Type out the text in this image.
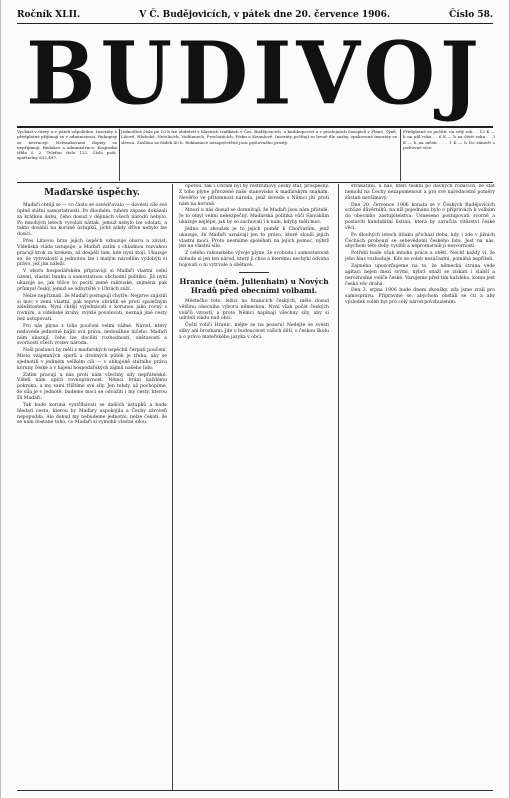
Ročník XLII.	V Č. Budějovicích, v pátek dne 20. července 1906.	Číslo 58.
BUDIVOJ
Vychází v úterý a v pátek odpoledne. Inseráty a předplatné přijímají se v administraci. Rukopisy se nevracejí. Nefrankované dopisy se nepřijímají. Redakce a administrace: Krajinská třída č. 2. Telefon číslo 122. Číslo pošt. spořitelny 832.497.
Jednotlivá čísla po 10 h lze obdržeti v hlavních trafikách v Čes. Budějovicích, u knihkupectví a v prodejnách časopisů v Plané, Týně, Lišově, Hluboké, Netolicích, Vodňanech, Prachaticích, Písku a Krumlově. Inseráty počítají se levně dle sazby, opakované inseráty se slevou. Zasláno za řádek 40 h. Reklamace nezapečetěné jsou poštovného prosty.
Předplatné se počítá: na celý rok . . 12 K — h na půl roku . . 6 K — h na čtvrt roku . . 3 K — h na měsíc . . . 1 K — h Do zámoří o poštovné více.
Maďarské úspěchy.

Maďaři chtějí se — co často se osvědčovalo — dovésti cíle své úplně státní samostatnosti. Po dlouhém, tuhém zápase dokázali za krátkou dobu, čeho dosud v dějinách všech národů nebylo. Po mnohých letech vyvolali nátlak, jemuž nebylo lze odolati, a takto dosáhli na koruně ústupků, jichž nikdy dříve nebylo lze dosíci.

Přes Litavou brzo jejich úspěch vzbuzuje obavu a závist. Vídeňská vláda ustupuje, a Maďaři zatím s chladnou rozvahou pracují krok za krokem, až dospěli tam, kde nyní stojí. Ukazuje se, že vytrvalostí a jednotou lze i malým národům vydobýti si právo, jež jim náleží.

V oboru hospodářském připravují si Maďaři vlastní celní území, vlastní banku a samostatnou obchodní politiku. Již nyní ukazuje se, jak těžce to pocítí země rakouské, zejména pak průmysl český, jemuž se odbytiště v Uhrách zúží.

Nelze nepřiznati, že Maďaři postupují chytře. Nejprve zajistili si moc v zemi vlastní, pak teprve obrátili se proti společným záležitostem. Nyní chtějí vyjednávati s korunou jako rovný s rovným, a vídeňské kruhy, zvyklé povolovati, neznají jiné cesty než ustupovati.

Pro nás plyne z toho poučení velmi vážné. Národ, který nedovede jednotně hájiti svá práva, nedosáhne ničeho. Maďaři nám ukazují, čeho lze docíliti rozhodností, obětavostí a svorností všech vrstev národa.

Naši poslanci by měli z maďarských úspěchů čerpati poučení. Místo vzájemných sporů a drobných půtek je třeba, aby se sjednotili v jediném velikém cíli — v obhajobě státního práva koruny české a v hájení hospodářských zájmů našeho lidu.

Zatím pracují u nás proti nám všechny síly nepřátelské. Vídeň nám upírá rovnoprávnost, Němci brání každému pokroku, a my sami tříštíme své síly. Jen tehdy, až pochopíme, že síla je v jednotě, budeme moci se odvážiti i my cesty, kterou šli Maďaři.

Tak bude koruna vystříhávati se dalších ústupků a bude hledati cestu, kterou by Maďary uspokojila a Čechy zároveň nepopudila. Ale dokud my nebudeme jednotni, nelze čekati, že se nám dostane toho, co Maďaři si vymohli vlastní silou.

oporou, tak i Uhrám byl by restitutiový česky stát, prospěšný. Z toho plyne přirozené naše stanovisko k maďarským snahám. Nevěřte ve přítomnost národa, jenž dovede s Němci jíti proti nám na koruně.

Mnozí u nás dosud se domnívají, že Maďaři jsou nám přátelé. Je to omyl velmi nebezpečný. Maďarská politika vůči Slovákům ukazuje nejlépe, jak by se zachovali i k nám, kdyby měli moc.

Jedno ze zkoušek je to jejich poměr k Chorvatům, jenž ukazuje, že Maďaři uznávají jen to právo, které slouží jejich vlastní moci. Proto nesmíme spoléhati na jejich pomoc, nýbrž jen na vlastní sílu.

Z celého rakouského vývoje plyne, že svobodu i samostatnost dobude si jen ten národ, který ji chce a kterému nechybí odvaha bojovati o ni vytrvale a obětavě.

Hranice (něm. Julienhain) u Nových Hradů před obecními volbami.

Městečko toto, ležící na hranicích českých, mělo dosud většinu obecního výboru německou. Nyní však počet českých voličů vzrostl, a proto Němci napínají všechny síly, aby si udrželi vládu nad obcí.

Čeští voliči Hranic, mějte se na pozoru! Nedejte se svésti sliby ani hrozbami. Jde o budoucnost vašich dětí, o českou školu a o právo mateřského jazyka v obci.

strakatinu, u nás, kteří teskní po dávných rodácích, že stát nemohl na Čechy nezapomenout a pro své národnostní poměry zůstati nevšímavý.

Dne 20. července 1906 konala se v Českých Budějovicích schůze důvěrníků, na níž pojednáno bylo o přípravách k volbám do obecního zastupitelstva. Usneseno postupovati svorně a postaviti kandidátní listinu, která by zaručila vítězství české věci.

Po dlouhých letech útlaku přichází doba, kdy i zde v jižních Čechách probouzí se sebevědomí českého lidu. Jest na nás, abychom této doby využili a nepromarnili jí nesvorností.

Potřebí bude však mnoho práce a obětí. Nechť každý ví, že jeho hlas rozhoduje. Kdo se voleb nezúčastní, pomáhá nepříteli.

Zejména upozorňujeme na to, že německá strana vede agitaci nejen mezi svými, nýbrž snaží se získati i slabší a nerozhodné voliče české. Varujeme před tím každého, komu jest česká věc drahá.

Den 3. srpna 1906 bude dnem zkoušky, zda jsme zralí pro samosprávu. Připravme se, abychom obstáli se ctí a aby výsledek voleb byl pro celý národ povzbuzením.
